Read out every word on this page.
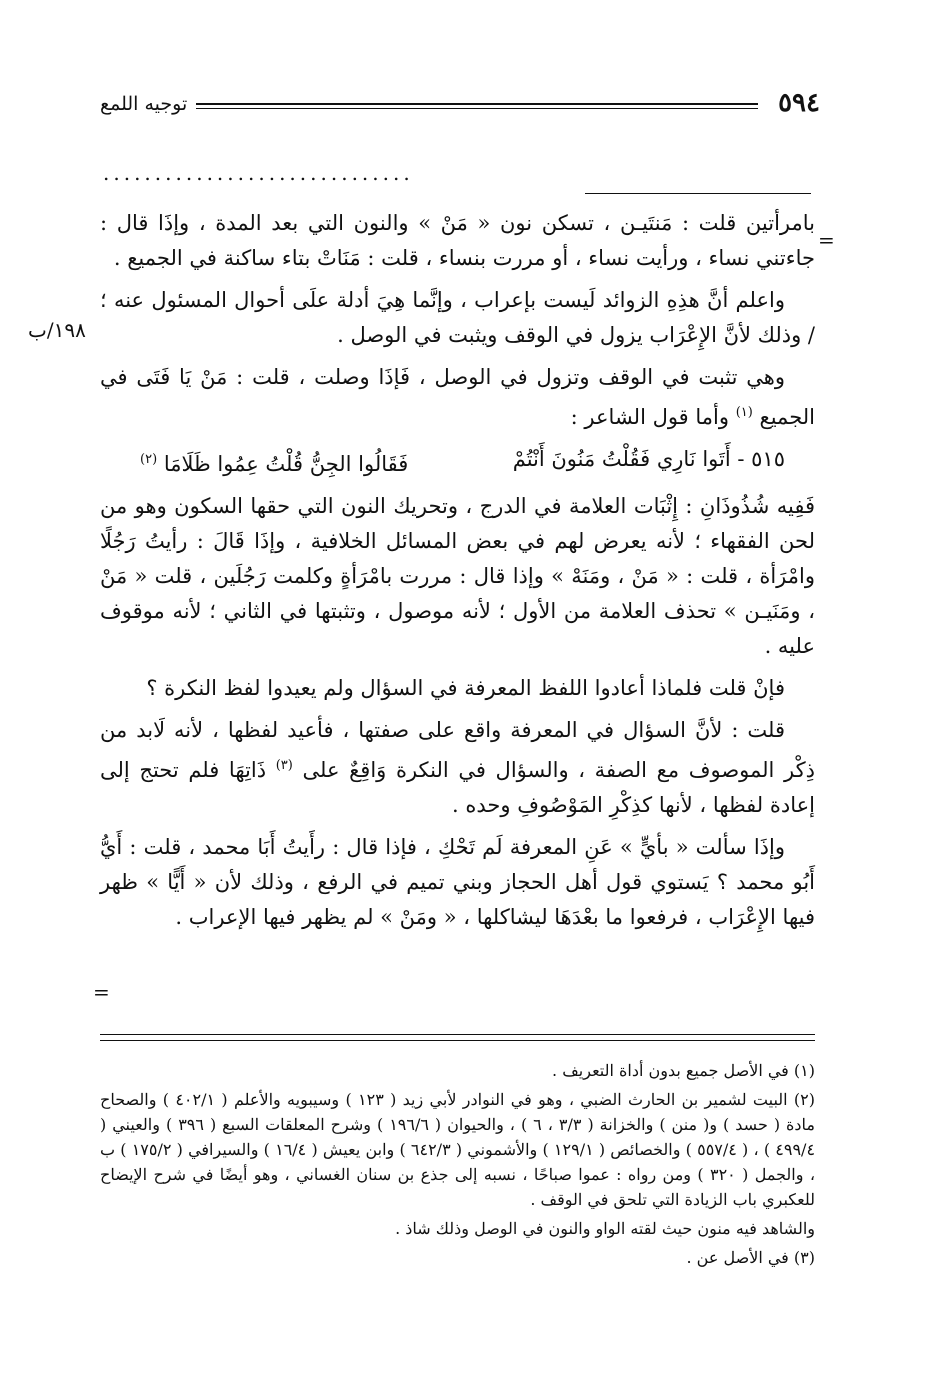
٥٩٤
توجيه اللمع
..............................
=
١٩٨/ب

بامرأتين قلت : مَنتَيـن ، تسكن نون « مَنْ » والنون التي بعد المدة ، وإذَا قال : جاءتني نساء ، ورأيت نساء ، أو مررت بنساء ، قلت : مَنَاتْ بتاء ساكنة في الجميع .

واعلم أنَّ هذِهِ الزوائد لَيست بإعراب ، وإنَّما هِيَ أدلة علَى أحوال المسئول عنه ؛ / وذلك لأنَّ الإِعْرَاب يزول في الوقف ويثبت في الوصل .

وهي تثبت في الوقف وتزول في الوصل ، فَإذَا وصلت ، قلت : مَنْ يَا فَتَى في الجميع $^{(١)}$ وأما قول الشاعر :

٥١٥ - أَتَوا نَارِي فَقُلْتُ مَنُونَ أَنْتُمْ
فَقَالُوا الجِنُّ قُلْتُ عِمُوا ظَلَامَا $^{(٢)}$

فَفِيه شُذُوذَانِ : إِثْبَات العلامة في الدرج ، وتحريك النون التي حقها السكون وهو من لحن الفقهاء ؛ لأنه يعرض لهم في بعض المسائل الخلافية ، وإذَا قَالَ : رأيتُ رَجُلًا وامْرَأة ، قلت : « مَنْ ، ومَنَهْ » وإذا قال : مررت بامْرَأةٍ وكلمت رَجُلَين ، قلت « مَنْ ، ومَنَيـن » تحذف العلامة من الأول ؛ لأنه موصول ، وتثبتها في الثاني ؛ لأنه موقوف عليه .

فإنْ قلت فلماذا أعادوا اللفظ المعرفة في السؤال ولم يعيدوا لفظ النكرة ؟

قلت : لأنَّ السؤال في المعرفة واقع على صفتها ، فأعيد لفظها ، لأنه لَابد من ذِكْر الموصوف مع الصفة ، والسؤال في النكرة وَاقِعٌ على $^{(٣)}$ ذَاتِهَا فلم تحتج إلى إعادة لفظها ، لأنها كذِكْرِ المَوْصُوفِ وحده .

وإذَا سألت « بأيٍّ » عَنِ المعرفة لَم تَحْكِ ، فإذا قال : رأَيتُ أَبَا محمد ، قلت : أَيُّ أَبُو محمد ؟ يَستوي قول أهل الحجاز وبني تميم في الرفع ، وذلك لأن « أَيًّا » ظهر فيها الإِعْرَاب ، فرفعوا ما بعْدَهَا ليشاكلها ، « ومَنْ » لم يظهر فيها الإعراب .

=

(١) في الأصل جميع بدون أداة التعريف .

(٢) البيت لشمير بن الحارث الضبي ، وهو في النوادر لأبي زيد ( ١٢٣ ) وسيبويه والأعلم ( ٤٠٢/١ ) والصحاح مادة ( حسد ) و( منن ) والخزانة ( ٣/٣ ، ٦ ) ، والحيوان ( ١٩٦/٦ ) وشرح المعلقات السبع ( ٣٩٦ ) والعيني ( ٤٩٩/٤ ) ، ( ٥٥٧/٤ ) والخصائص ( ١٢٩/١ ) والأشموني ( ٦٤٢/٣ ) وابن يعيش ( ١٦/٤ ) والسيرافي ( ١٧٥/٢ ) ب ، والجمل ( ٣٢٠ ) ومن رواه : عموا صباحًا ، نسبه إلى جذع بن سنان الغساني ، وهو أيضًا في شرح الإيضاح للعكبري باب الزيادة التي تلحق في الوقف .

والشاهد فيه منون حيث لقته الواو والنون في الوصل وذلك شاذ .

(٣) في الأصل عن .
